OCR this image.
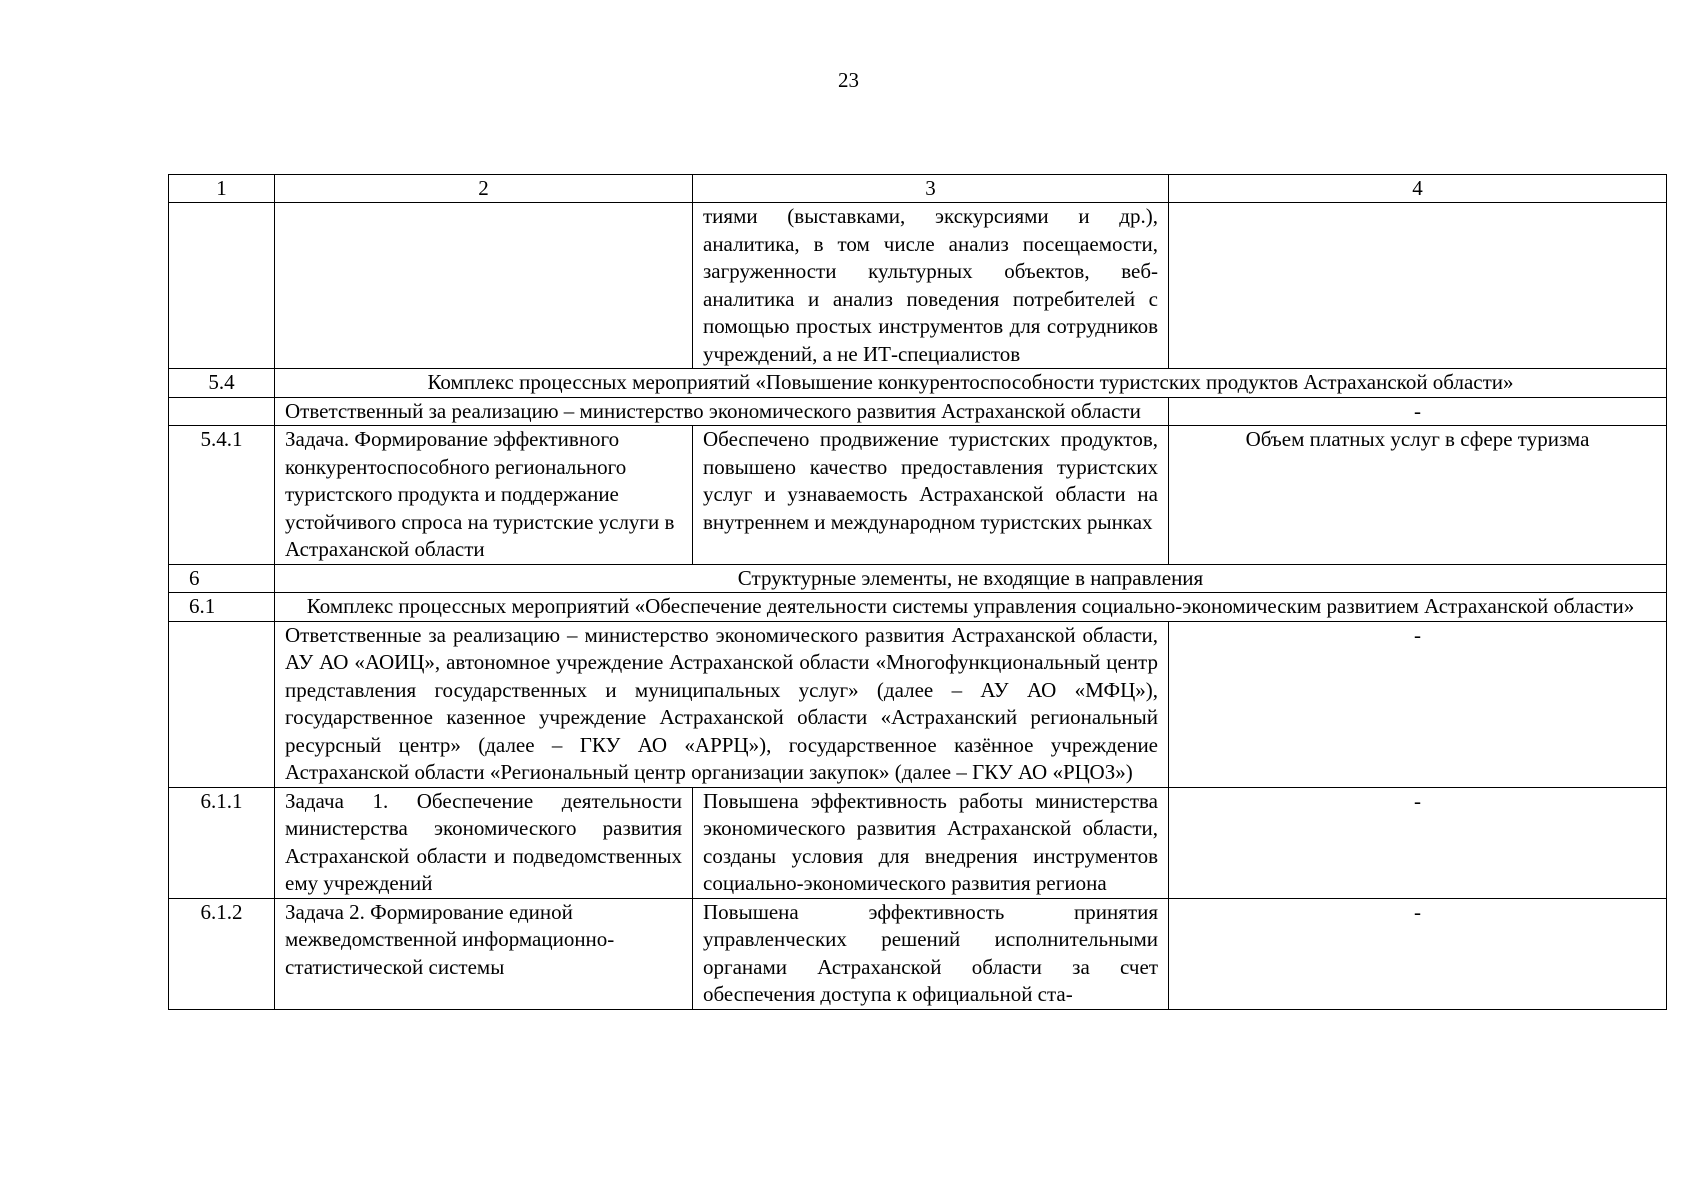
23
1	2	3	4
		тиями (выставками, экскурсиями и др.), аналитика, в том числе анализ посещаемости, загруженности культурных объектов, веб-аналитика и анализ поведения потребителей с помощью простых инструментов для сотрудников учреждений, а не ИТ-специалистов	
5.4	Комплекс процессных мероприятий «Повышение конкурентоспособности туристских продуктов Астраханской области»		
	Ответственный за реализацию – министерство экономического развития Астраханской области		-
5.4.1	Задача. Формирование эффективного конкурентоспособного регионального туристского продукта и поддержание устойчивого спроса на туристские услуги в Астраханской области	Обеспечено продвижение туристских продуктов, повышено качество предоставления туристских услуг и узнаваемость Астраханской области на внутреннем и международном туристских рынках	Объем платных услуг в сфере туризма
6	Структурные элементы, не входящие в направления		
6.1	Комплекс процессных мероприятий «Обеспечение деятельности системы управления социально-экономическим развитием Астраханской области»		
	Ответственные за реализацию – министерство экономического развития Астраханской области, АУ АО «АОИЦ», автономное учреждение Астраханской области «Многофункциональный центр представления государственных и муниципальных услуг» (далее – АУ АО «МФЦ»), государственное казенное учреждение Астраханской области «Астраханский региональный ресурсный центр» (далее – ГКУ АО «АРРЦ»), государственное казённое учреждение Астраханской области «Региональный центр организации закупок» (далее – ГКУ АО «РЦОЗ»)		-
6.1.1	Задача 1. Обеспечение деятельности министерства экономического развития Астраханской области и подведомственных ему учреждений	Повышена эффективность работы министерства экономического развития Астраханской области, созданы условия для внедрения инструментов социально-экономического развития региона	-
6.1.2	Задача 2. Формирование единой межведомственной информационно-статистической системы	Повышена эффективность принятия управленческих решений исполнительными органами Астраханской области за счет обеспечения доступа к официальной ста-	-
